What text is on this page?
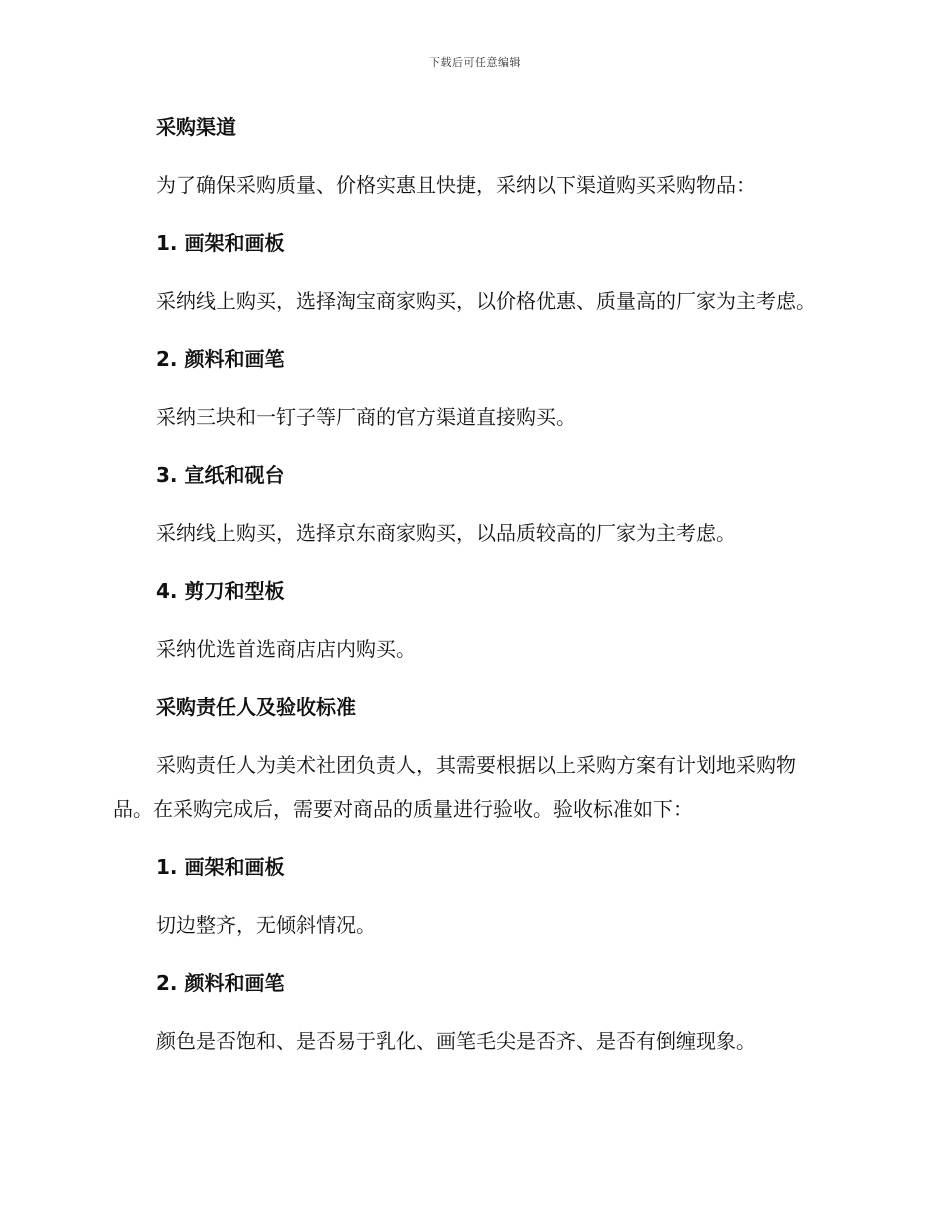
下载后可任意编辑
采购渠道

为了确保采购质量、价格实惠且快捷，采纳以下渠道购买采购物品：

1. 画架和画板

采纳线上购买，选择淘宝商家购买，以价格优惠、质量高的厂家为主考虑。

2. 颜料和画笔

采纳三块和一钉子等厂商的官方渠道直接购买。

3. 宣纸和砚台

采纳线上购买，选择京东商家购买，以品质较高的厂家为主考虑。

4. 剪刀和型板

采纳优选首选商店店内购买。

采购责任人及验收标准

采购责任人为美术社团负责人，其需要根据以上采购方案有计划地采购物品。在采购完成后，需要对商品的质量进行验收。验收标准如下：

1. 画架和画板

切边整齐，无倾斜情况。

2. 颜料和画笔

颜色是否饱和、是否易于乳化、画笔毛尖是否齐、是否有倒缠现象。
